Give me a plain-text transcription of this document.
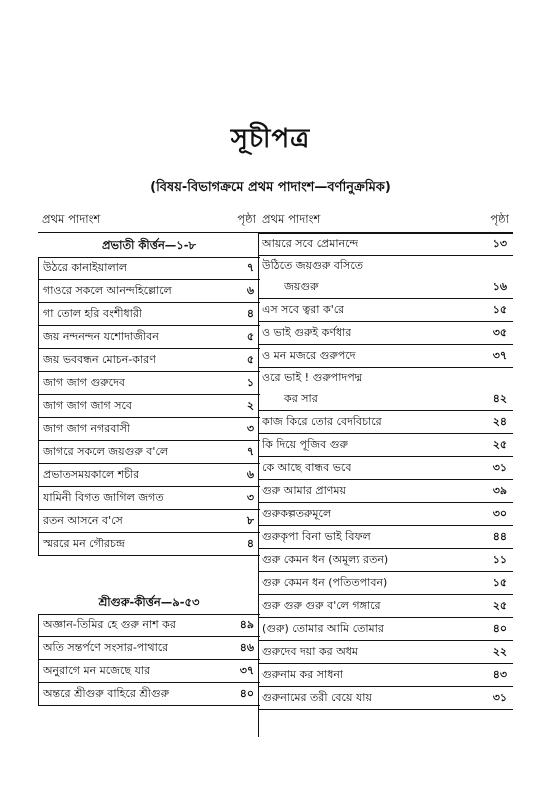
সূচীপত্র
(বিষয়-বিভাগক্রমে প্রথম পাদাংশ—বর্ণানুক্রমিক)
প্রথম পাদাংশ	পৃষ্ঠা
প্রভাতী কীর্ত্তন—১-৮
উঠরে কানাইয়ালাল	৭
গাওরে সকলে আনন্দহিল্লোলে	৬
গা তোল হরি বংশীধারী	৪
জয় নন্দনন্দন যশোদাজীবন	৫
জয় ভববন্ধন মোচন-কারণ	৫
জাগ জাগ গুরুদেব	১
জাগ জাগ জাগ সবে	২
জাগ জাগ নগরবাসী	৩
জাগরে সকলে জয়গুরু ব'লে	৭
প্রভাতসময়কালে শচীর	৬
যামিনী বিগত জাগিল জগত	৩
রতন আসনে ব'সে	৮
স্মররে মন গৌরচন্দ্র	৪
শ্রীগুরু-কীর্ত্তন—৯-৫৩
অজ্ঞান-তিমির হে গুরু নাশ কর	৪৯
অতি সন্তর্পণে সংসার-পাথারে	৪৬
অনুরাগে মন মজেছে যার	৩৭
অন্তরে শ্রীগুরু বাহিরে শ্রীগুরু	৪০
প্রথম পাদাংশ	পৃষ্ঠা
আয়রে সবে প্রেমানন্দে	১৩
উঠিতে জয়গুরু বসিতে
জয়গুরু	১৬
এস সবে ত্বরা ক'রে	১৫
ও ভাই গুরুই কর্ণধার	৩৫
ও মন মজরে গুরুপদে	৩৭
ওরে ভাই ! গুরুপাদপদ্ম
কর সার	৪২
কাজ কিরে তোর বেদবিচারে	২৪
কি দিয়ে পূজিব গুরু	২৫
কে আছে বান্ধব ভবে	৩১
গুরু আমার প্রাণময়	৩৯
গুরুকল্পতরুমূলে	৩০
গুরুকৃপা বিনা ভাই বিফল	৪৪
গুরু কেমন ধন (অমূল্য রতন)	১১
গুরু কেমন ধন (পতিতপাবন)	১৫
গুরু গুরু গুরু ব'লে গঙ্গারে	২৫
(গুরু) তোমার আমি তোমার	৪০
গুরুদেব দয়া কর অধম	২২
গুরুনাম কর সাধনা	৪৩
গুরুনামের তরী বেয়ে যায়	৩১
